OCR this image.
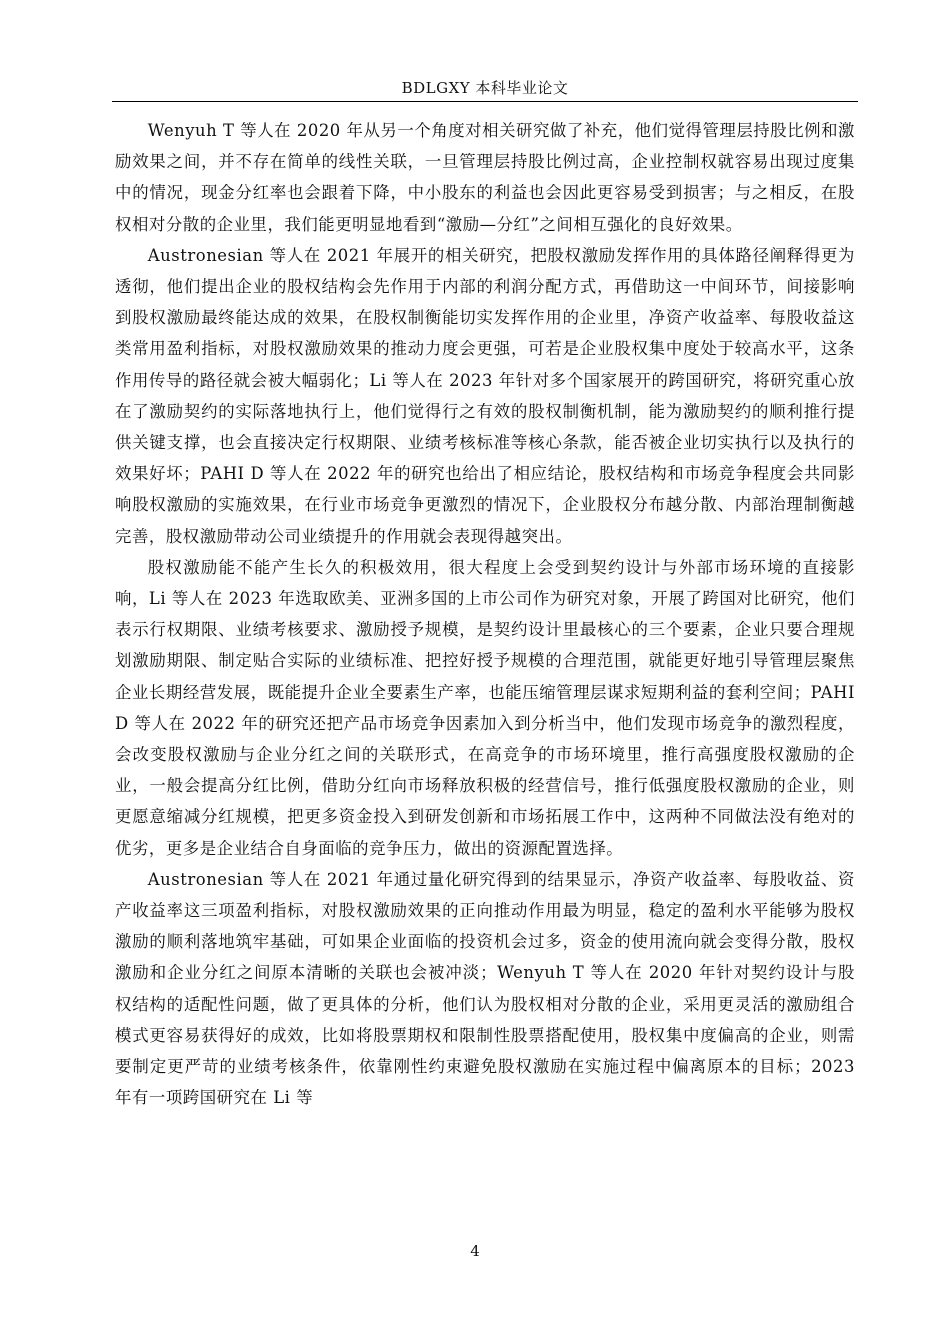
BDLGXY 本科毕业论文

Wenyuh T 等人在 2020 年从另一个角度对相关研究做了补充，他们觉得管理层持股比例和激励效果之间，并不存在简单的线性关联，一旦管理层持股比例过高，企业控制权就容易出现过度集中的情况，现金分红率也会跟着下降，中小股东的利益也会因此更容易受到损害；与之相反，在股权相对分散的企业里，我们能更明显地看到“激励—分红”之间相互强化的良好效果。

Austronesian 等人在 2021 年展开的相关研究，把股权激励发挥作用的具体路径阐释得更为透彻，他们提出企业的股权结构会先作用于内部的利润分配方式，再借助这一中间环节，间接影响到股权激励最终能达成的效果，在股权制衡能切实发挥作用的企业里，净资产收益率、每股收益这类常用盈利指标，对股权激励效果的推动力度会更强，可若是企业股权集中度处于较高水平，这条作用传导的路径就会被大幅弱化；Li 等人在 2023 年针对多个国家展开的跨国研究，将研究重心放在了激励契约的实际落地执行上，他们觉得行之有效的股权制衡机制，能为激励契约的顺利推行提供关键支撑，也会直接决定行权期限、业绩考核标准等核心条款，能否被企业切实执行以及执行的效果好坏；PAHI D 等人在 2022 年的研究也给出了相应结论，股权结构和市场竞争程度会共同影响股权激励的实施效果，在行业市场竞争更激烈的情况下，企业股权分布越分散、内部治理制衡越完善，股权激励带动公司业绩提升的作用就会表现得越突出。

股权激励能不能产生长久的积极效用，很大程度上会受到契约设计与外部市场环境的直接影响，Li 等人在 2023 年选取欧美、亚洲多国的上市公司作为研究对象，开展了跨国对比研究，他们表示行权期限、业绩考核要求、激励授予规模，是契约设计里最核心的三个要素，企业只要合理规划激励期限、制定贴合实际的业绩标准、把控好授予规模的合理范围，就能更好地引导管理层聚焦企业长期经营发展，既能提升企业全要素生产率，也能压缩管理层谋求短期利益的套利空间；PAHI D 等人在 2022 年的研究还把产品市场竞争因素加入到分析当中，他们发现市场竞争的激烈程度，会改变股权激励与企业分红之间的关联形式，在高竞争的市场环境里，推行高强度股权激励的企业，一般会提高分红比例，借助分红向市场释放积极的经营信号，推行低强度股权激励的企业，则更愿意缩减分红规模，把更多资金投入到研发创新和市场拓展工作中，这两种不同做法没有绝对的优劣，更多是企业结合自身面临的竞争压力，做出的资源配置选择。

Austronesian 等人在 2021 年通过量化研究得到的结果显示，净资产收益率、每股收益、资产收益率这三项盈利指标，对股权激励效果的正向推动作用最为明显，稳定的盈利水平能够为股权激励的顺利落地筑牢基础，可如果企业面临的投资机会过多，资金的使用流向就会变得分散，股权激励和企业分红之间原本清晰的关联也会被冲淡；Wenyuh T 等人在 2020 年针对契约设计与股权结构的适配性问题，做了更具体的分析，他们认为股权相对分散的企业，采用更灵活的激励组合模式更容易获得好的成效，比如将股票期权和限制性股票搭配使用，股权集中度偏高的企业，则需要制定更严苛的业绩考核条件，依靠刚性约束避免股权激励在实施过程中偏离原本的目标；2023 年有一项跨国研究在 Li 等

4
